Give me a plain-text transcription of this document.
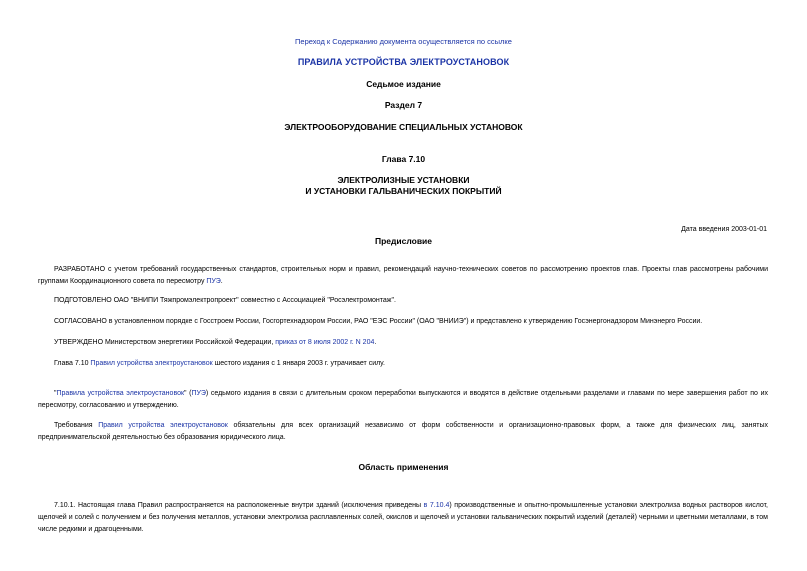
Переход к Содержанию документа осуществляется по ссылке
ПРАВИЛА УСТРОЙСТВА ЭЛЕКТРОУСТАНОВОК
Седьмое издание
Раздел 7
ЭЛЕКТРООБОРУДОВАНИЕ СПЕЦИАЛЬНЫХ УСТАНОВОК
Глава 7.10
ЭЛЕКТРОЛИЗНЫЕ УСТАНОВКИ
И УСТАНОВКИ ГАЛЬВАНИЧЕСКИХ ПОКРЫТИЙ
Дата введения 2003-01-01
Предисловие
РАЗРАБОТАНО с учетом требований государственных стандартов, строительных норм и правил, рекомендаций научно-технических советов по рассмотрению проектов глав. Проекты глав рассмотрены рабочими группами Координационного совета по пересмотру ПУЭ.
ПОДГОТОВЛЕНО ОАО "ВНИПИ Тяжпромэлектропроект" совместно с Ассоциацией "Росэлектромонтаж".
СОГЛАСОВАНО в установленном порядке с Госстроем России, Госгортехнадзором России, РАО "ЕЭС России" (ОАО "ВНИИЭ") и представлено к утверждению Госэнергонадзором Минэнерго России.
УТВЕРЖДЕНО Министерством энергетики Российской Федерации, приказ от 8 июля 2002 г. N 204.
Глава 7.10 Правил устройства электроустановок шестого издания с 1 января 2003 г. утрачивает силу.
"Правила устройства электроустановок" (ПУЭ) седьмого издания в связи с длительным сроком переработки выпускаются и вводятся в действие отдельными разделами и главами по мере завершения работ по их пересмотру, согласованию и утверждению.
Требования Правил устройства электроустановок обязательны для всех организаций независимо от форм собственности и организационно-правовых форм, а также для физических лиц, занятых предпринимательской деятельностью без образования юридического лица.
Область применения
7.10.1. Настоящая глава Правил распространяется на расположенные внутри зданий (исключения приведены в 7.10.4) производственные и опытно-промышленные установки электролиза водных растворов кислот, щелочей и солей с получением и без получения металлов, установки электролиза расплавленных солей, окислов и щелочей и установки гальванических покрытий изделий (деталей) черными и цветными металлами, в том числе редкими и драгоценными.
